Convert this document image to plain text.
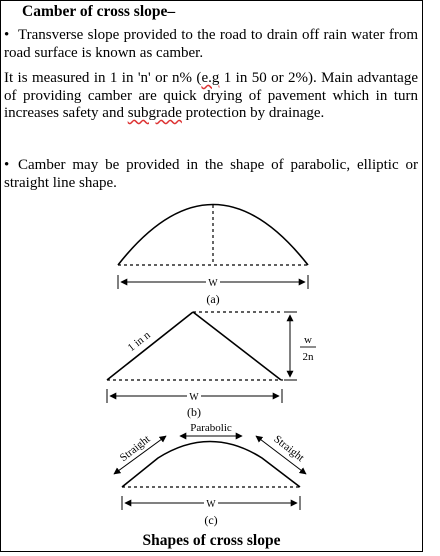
Camber of cross slope–
• Transverse slope provided to the road to drain off rain water from road surface is known as camber.
It is measured in 1 in 'n' or n% (e.g 1 in 50 or 2%). Main advantage of providing camber are quick drying of pavement which in turn increases safety and subgrade protection by drainage.
• Camber may be provided in the shape of parabolic, elliptic or straight line shape.
W
(a)
w
2n
1 in n
W
(b)
Parabolic
Straight	Straight
W
(c)
Shapes of cross slope
